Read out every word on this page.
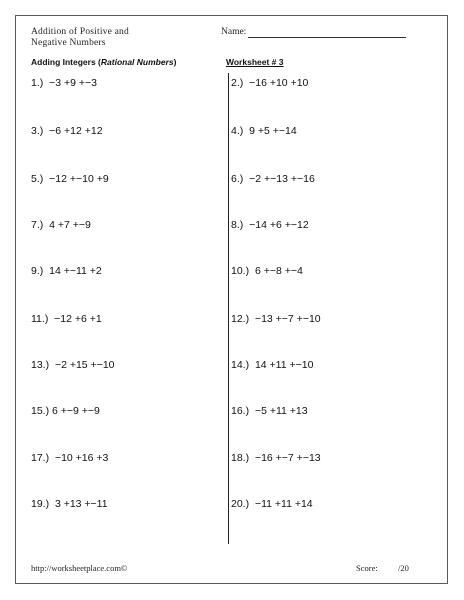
Addition of Positive and
Negative Numbers
Name:
Adding Integers (Rational Numbers)	Worksheet # 3
1.) −3 +9 +−3	2.) −16 +10 +10
3.) −6 +12 +12	4.) 9 +5 +−14
5.) −12 +−10 +9	6.) −2 +−13 +−16
7.) 4 +7 +−9	8.) −14 +6 +−12
9.) 14 +−11 +2	10.) 6 +−8 +−4
11.) −12 +6 +1	12.) −13 +−7 +−10
13.) −2 +15 +−10	14.) 14 +11 +−10
15.) 6 +−9 +−9	16.) −5 +11 +13
17.) −10 +16 +3	18.) −16 +−7 +−13
19.) 3 +13 +−11	20.) −11 +11 +14
http://worksheetplace.com©	Score: /20
